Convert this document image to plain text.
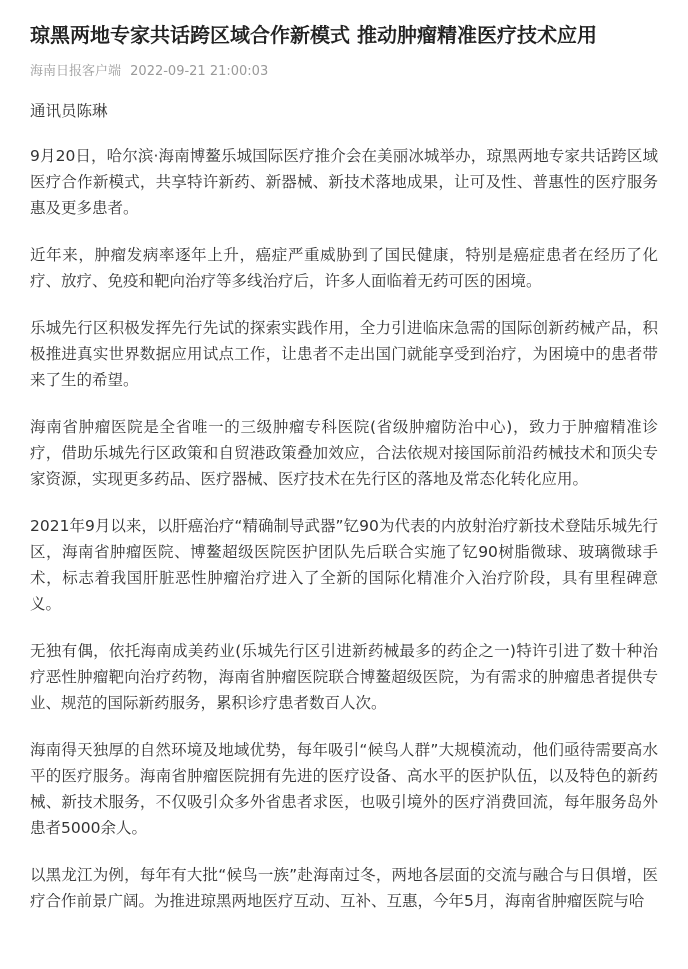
琼黑两地专家共话跨区域合作新模式 推动肿瘤精准医疗技术应用
海南日报客户端 2022-09-21 21:00:03

通讯员陈琳

9月20日，哈尔滨·海南博鳌乐城国际医疗推介会在美丽冰城举办，琼黑两地专家共话跨区域医疗合作新模式，共享特许新药、新器械、新技术落地成果，让可及性、普惠性的医疗服务惠及更多患者。

近年来，肿瘤发病率逐年上升，癌症严重威胁到了国民健康，特别是癌症患者在经历了化疗、放疗、免疫和靶向治疗等多线治疗后，许多人面临着无药可医的困境。

乐城先行区积极发挥先行先试的探索实践作用，全力引进临床急需的国际创新药械产品，积极推进真实世界数据应用试点工作，让患者不走出国门就能享受到治疗，为困境中的患者带来了生的希望。

海南省肿瘤医院是全省唯一的三级肿瘤专科医院(省级肿瘤防治中心)，致力于肿瘤精准诊疗，借助乐城先行区政策和自贸港政策叠加效应，合法依规对接国际前沿药械技术和顶尖专家资源，实现更多药品、医疗器械、医疗技术在先行区的落地及常态化转化应用。

2021年9月以来，以肝癌治疗“精确制导武器”钇90为代表的内放射治疗新技术登陆乐城先行区，海南省肿瘤医院、博鳌超级医院医护团队先后联合实施了钇90树脂微球、玻璃微球手术，标志着我国肝脏恶性肿瘤治疗进入了全新的国际化精准介入治疗阶段，具有里程碑意义。

无独有偶，依托海南成美药业(乐城先行区引进新药械最多的药企之一)特许引进了数十种治疗恶性肿瘤靶向治疗药物，海南省肿瘤医院联合博鳌超级医院，为有需求的肿瘤患者提供专业、规范的国际新药服务，累积诊疗患者数百人次。

海南得天独厚的自然环境及地域优势，每年吸引“候鸟人群”大规模流动，他们亟待需要高水平的医疗服务。海南省肿瘤医院拥有先进的医疗设备、高水平的医护队伍，以及特色的新药械、新技术服务，不仅吸引众多外省患者求医，也吸引境外的医疗消费回流，每年服务岛外患者5000余人。

以黑龙江为例，每年有大批“候鸟一族”赴海南过冬，两地各层面的交流与融合与日俱增，医疗合作前景广阔。为推进琼黑两地医疗互动、互补、互惠，今年5月，海南省肿瘤医院与哈
